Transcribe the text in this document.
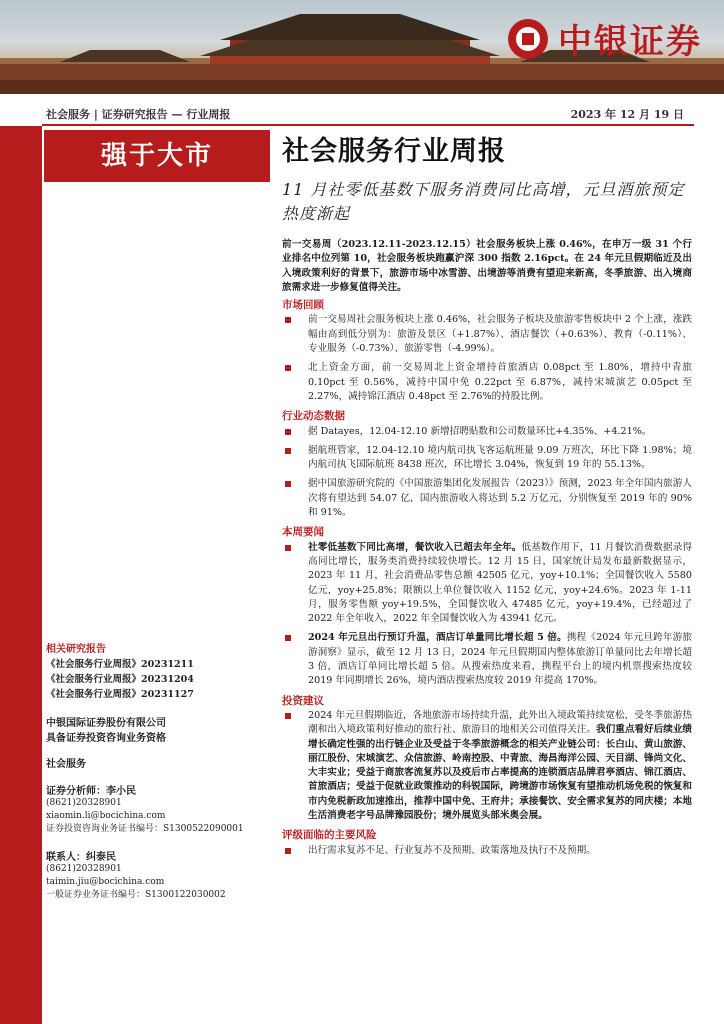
中银证券
社会服务 | 证券研究报告 — 行业周报	2023 年 12 月 19 日
强于大市	社会服务行业周报
11 月社零低基数下服务消费同比高增，元旦酒旅预定热度渐起
前一交易周（2023.12.11-2023.12.15）社会服务板块上涨 0.46%，在申万一级 31 个行业排名中位列第 10，社会服务板块跑赢沪深 300 指数 2.16pct。在 24 年元旦假期临近及出入境政策利好的背景下，旅游市场中冰雪游、出境游等消费有望迎来新高，冬季旅游、出入境商旅需求进一步修复值得关注。
市场回顾
前一交易周社会服务板块上涨 0.46%，社会服务子板块及旅游零售板块中 2 个上涨，涨跌幅由高到低分别为：旅游及景区（+1.87%）、酒店餐饮（+0.63%）、教育（-0.11%）、专业服务（-0.73%）、旅游零售（-4.99%）。
北上资金方面，前一交易周北上资金增持首旅酒店 0.08pct 至 1.80%，增持中青旅 0.10pct 至 0.56%，减持中国中免 0.22pct 至 6.87%，减持宋城演艺 0.05pct 至 2.27%，减持锦江酒店 0.48pct 至 2.76%的持股比例。
行业动态数据
据 Datayes，12.04-12.10 新增招聘贴数和公司数量环比+4.35%、+4.21%。
据航班管家，12.04-12.10 境内航司执飞客运航班量 9.09 万班次，环比下降 1.98%；境内航司执飞国际航班 8438 班次，环比增长 3.04%，恢复到 19 年的 55.13%。
据中国旅游研究院的《中国旅游集团化发展报告（2023）》预测，2023 年全年国内旅游人次将有望达到 54.07 亿，国内旅游收入将达到 5.2 万亿元，分别恢复至 2019 年的 90%和 91%。
本周要闻
社零低基数下同比高增，餐饮收入已超去年全年。低基数作用下，11 月餐饮消费数据录得高同比增长，服务类消费持续较快增长。12 月 15 日，国家统计局发布最新数据显示，2023 年 11 月，社会消费品零售总额 42505 亿元，yoy+10.1%；全国餐饮收入 5580 亿元，yoy+25.8%；限额以上单位餐饮收入 1152 亿元，yoy+24.6%。2023 年 1-11 月，服务零售额 yoy+19.5%，全国餐饮收入 47485 亿元，yoy+19.4%，已经超过了 2022 年全年收入，2022 年全国餐饮收入为 43941 亿元。
2024 年元旦出行预订升温，酒店订单量同比增长超 5 倍。携程《2024 年元旦跨年游旅游洞察》显示，截至 12 月 13 日，2024 年元旦假期国内整体旅游订单量同比去年增长超 3 倍，酒店订单同比增长超 5 倍。从搜索热度来看，携程平台上的境内机票搜索热度较 2019 年同期增长 26%，境内酒店搜索热度较 2019 年提高 170%。
投资建议
2024 年元旦假期临近，各地旅游市场持续升温，此外出入境政策持续宽松，受冬季旅游热潮和出入境政策利好推动的旅行社、旅游目的地相关公司值得关注。我们重点看好后续业绩增长确定性强的出行链企业及受益于冬季旅游概念的相关产业链公司：长白山、黄山旅游、丽江股份、宋城演艺、众信旅游、岭南控股、中青旅、海昌海洋公园、天目湖、锋尚文化、大丰实业；受益于商旅客流复苏以及疫后市占率提高的连锁酒店品牌君亭酒店、锦江酒店、首旅酒店；受益于促就业政策推动的科锐国际，跨境游市场恢复有望推动机场免税的恢复和市内免税新政加速推出，推荐中国中免、王府井；承接餐饮、安全需求复苏的同庆楼；本地生活消费老字号品牌豫园股份；境外展览头部米奥会展。
评级面临的主要风险
出行需求复苏不足、行业复苏不及预期、政策落地及执行不及预期。
相关研究报告
《社会服务行业周报》20231211
《社会服务行业周报》20231204
《社会服务行业周报》20231127
中银国际证券股份有限公司
具备证券投资咨询业务资格
社会服务
证券分析师：李小民
(8621)20328901
xiaomin.li@bocichina.com
证券投资咨询业务证书编号：S1300522090001
联系人：纠泰民
(8621)20328901
taimin.jiu@bocichina.com
一般证券业务证书编号：S1300122030002
